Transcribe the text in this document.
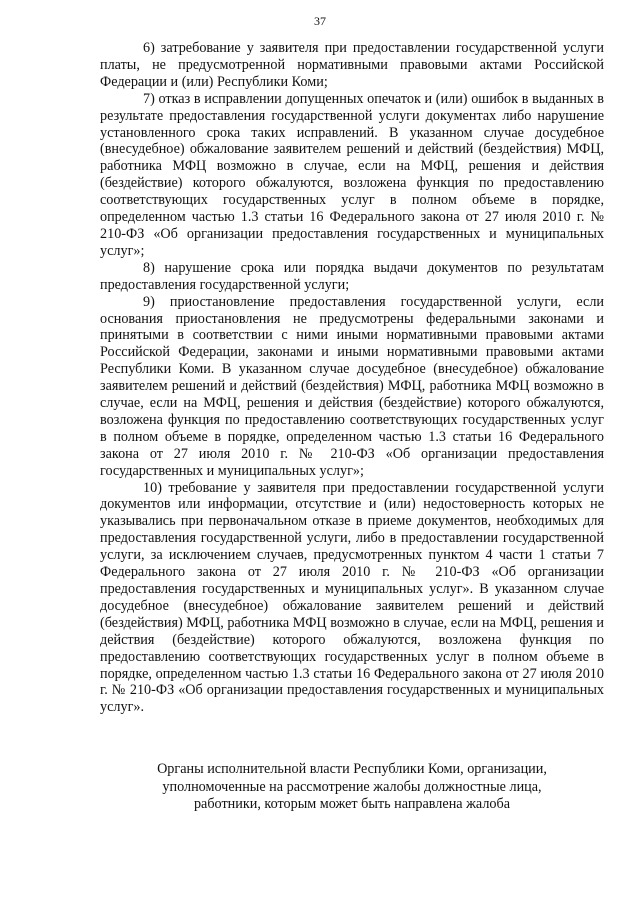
37

6) затребование у заявителя при предоставлении государственной услуги платы, не предусмотренной нормативными правовыми актами Российской Федерации и (или) Республики Коми;

7) отказ в исправлении допущенных опечаток и (или) ошибок в выданных в результате предоставления государственной услуги документах либо нарушение установленного срока таких исправлений. В указанном случае досудебное (внесудебное) обжалование заявителем решений и действий (бездействия) МФЦ, работника МФЦ возможно в случае, если на МФЦ, решения и действия (бездействие) которого обжалуются, возложена функция по предоставлению соответствующих государственных услуг в полном объеме в порядке, определенном частью 1.3 статьи 16 Федерального закона от 27 июля 2010 г. № 210-ФЗ «Об организации предоставления государственных и муниципальных услуг»;

8) нарушение срока или порядка выдачи документов по результатам предоставления государственной услуги;

9) приостановление предоставления государственной услуги, если основания приостановления не предусмотрены федеральными законами и принятыми в соответствии с ними иными нормативными правовыми актами Российской Федерации, законами и иными нормативными правовыми актами Республики Коми. В указанном случае досудебное (внесудебное) обжалование заявителем решений и действий (бездействия) МФЦ, работника МФЦ возможно в случае, если на МФЦ, решения и действия (бездействие) которого обжалуются, возложена функция по предоставлению соответствующих государственных услуг в полном объеме в порядке, определенном частью 1.3 статьи 16 Федерального закона от 27 июля 2010 г. № 210-ФЗ «Об организации предоставления государственных и муниципальных услуг»;

10) требование у заявителя при предоставлении государственной услуги документов или информации, отсутствие и (или) недостоверность которых не указывались при первоначальном отказе в приеме документов, необходимых для предоставления государственной услуги, либо в предоставлении государственной услуги, за исключением случаев, предусмотренных пунктом 4 части 1 статьи 7 Федерального закона от 27 июля 2010 г. № 210-ФЗ «Об организации предоставления государственных и муниципальных услуг». В указанном случае досудебное (внесудебное) обжалование заявителем решений и действий (бездействия) МФЦ, работника МФЦ возможно в случае, если на МФЦ, решения и действия (бездействие) которого обжалуются, возложена функция по предоставлению соответствующих государственных услуг в полном объеме в порядке, определенном частью 1.3 статьи 16 Федерального закона от 27 июля 2010 г. № 210-ФЗ «Об организации предоставления государственных и муниципальных услуг».

Органы исполнительной власти Республики Коми, организации,
уполномоченные на рассмотрение жалобы должностные лица,
работники, которым может быть направлена жалоба
